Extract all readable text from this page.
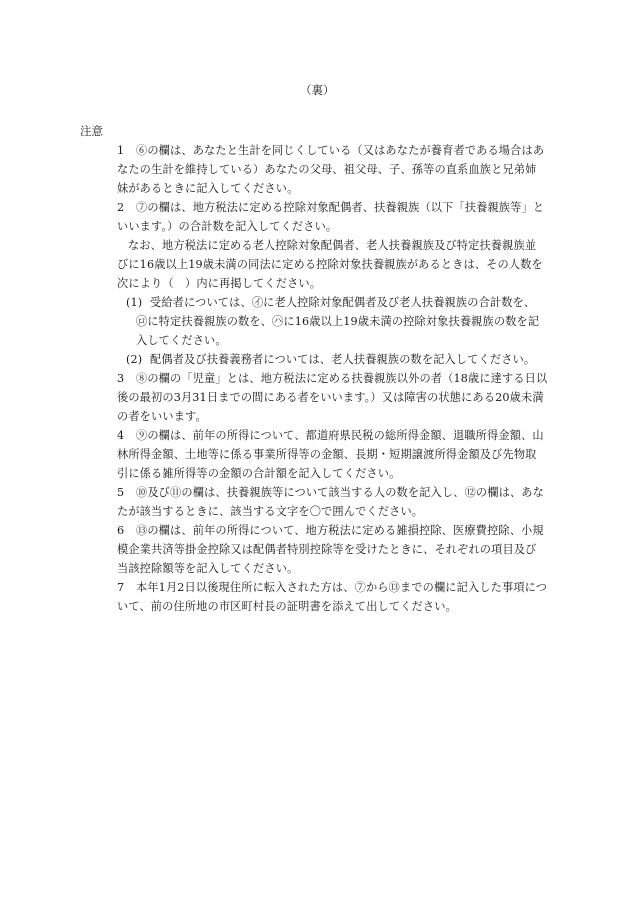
（裏）
注意
1 ⑥の欄は、あなたと生計を同じくしている（又はあなたが養育者である場合はあ
なたの生計を維持している）あなたの父母、祖父母、子、孫等の直系血族と兄弟姉
妹があるときに記入してください。
2 ⑦の欄は、地方税法に定める控除対象配偶者、扶養親族（以下「扶養親族等」と
いいます。）の合計数を記入してください。
なお、地方税法に定める老人控除対象配偶者、老人扶養親族及び特定扶養親族並
びに16歳以上19歳未満の同法に定める控除対象扶養親族があるときは、その人数を
次により（　）内に再掲してください。
(1) 受給者については、㋑に老人控除対象配偶者及び老人扶養親族の合計数を、
㋺に特定扶養親族の数を、㋩に16歳以上19歳未満の控除対象扶養親族の数を記
入してください。
(2) 配偶者及び扶養義務者については、老人扶養親族の数を記入してください。
3 ⑧の欄の「児童」とは、地方税法に定める扶養親族以外の者（18歳に達する日以
後の最初の3月31日までの間にある者をいいます。）又は障害の状態にある20歳未満
の者をいいます。
4 ⑨の欄は、前年の所得について、都道府県民税の総所得金額、退職所得金額、山
林所得金額、土地等に係る事業所得等の金額、長期・短期譲渡所得金額及び先物取
引に係る雑所得等の金額の合計額を記入してください。
5 ⑩及び⑪の欄は、扶養親族等について該当する人の数を記入し、⑫の欄は、あな
たが該当するときに、該当する文字を〇で囲んでください。
6 ⑬の欄は、前年の所得について、地方税法に定める雑損控除、医療費控除、小規
模企業共済等掛金控除又は配偶者特別控除等を受けたときに、それぞれの項目及び
当該控除額等を記入してください。
7 本年1月2日以後現住所に転入された方は、⑦から⑬までの欄に記入した事項につ
いて、前の住所地の市区町村長の証明書を添えて出してください。
